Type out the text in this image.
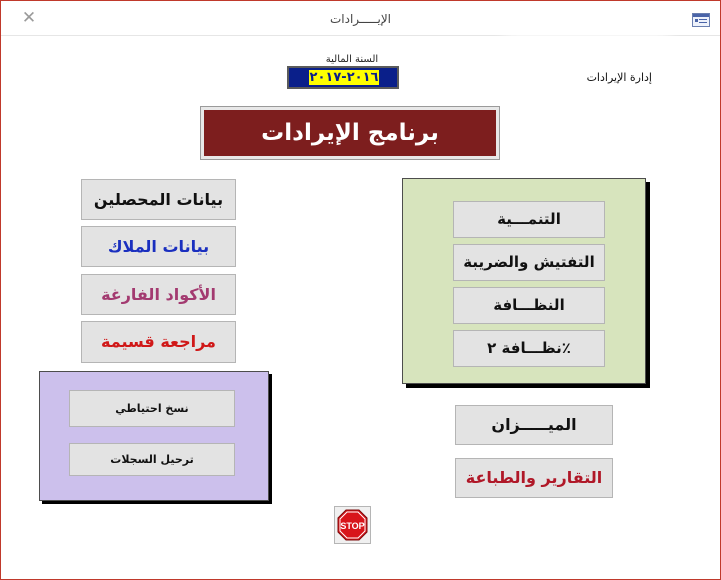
✕	الإيـــــرادات
السنة المالية
٢٠١٦-٢٠١٧	إدارة الإيرادات
برنامج الإيرادات
بيانات المحصلين
بيانات الملاك
الأكواد الفارغة
مراجعة قسيمة
نسخ احتياطي
ترحيل السجلات
التنمـــية
التفتيش والضريبة
النظـــافة
نظـــافة ٢٪
الميـــــزان
التقارير والطباعة
STOP
